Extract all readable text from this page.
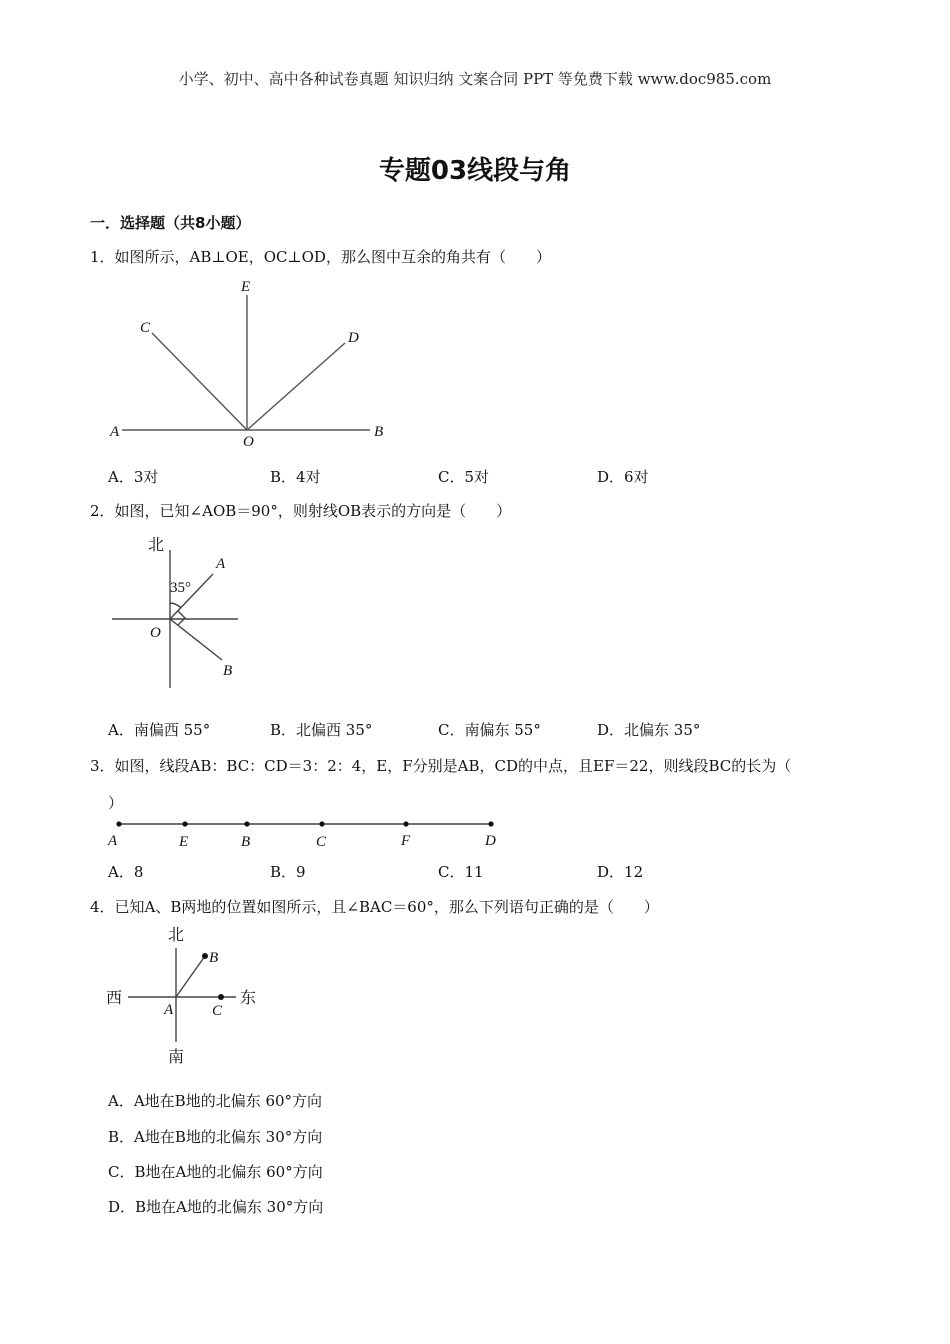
小学、初中、高中各种试卷真题 知识归纳 文案合同 PPT 等免费下载 www.doc985.com
专题03线段与角
一．选择题（共8小题）
1．如图所示，AB⊥OE，OC⊥OD，那么图中互余的角共有（　　）
E
C
D
A
O
B
A．3对	B．4对	C．5对	D．6对
2．如图，已知∠AOB＝90°，则射线OB表示的方向是（　　）
北
35°
A
O
B
A．南偏西 55°	B．北偏西 35°	C．南偏东 55°	D．北偏东 35°
3．如图，线段AB：BC：CD＝3：2：4，E，F分别是AB，CD的中点，且EF＝22，则线段BC的长为（
）
A	E	B	C	F	D
A．8	B．9	C．11	D．12
4．已知A、B两地的位置如图所示，且∠BAC＝60°，那么下列语句正确的是（　　）
北
B
西
A	C
东
南
A．A地在B地的北偏东 60°方向
B．A地在B地的北偏东 30°方向
C．B地在A地的北偏东 60°方向
D．B地在A地的北偏东 30°方向
